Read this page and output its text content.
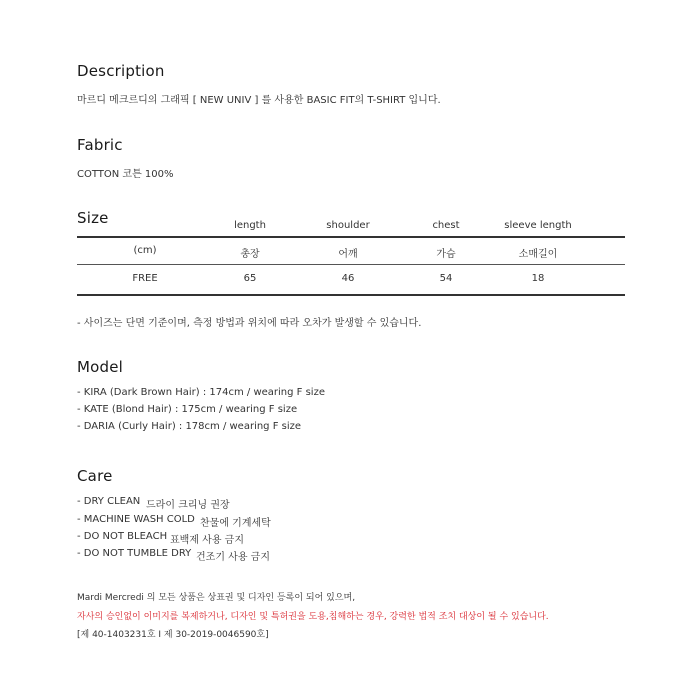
Description
마르디 메크르디의 그래픽 [ NEW UNIV ] 를 사용한 BASIC FIT의 T-SHIRT 입니다.
Fabric
COTTON 코튼 100%
Size	length	shoulder	chest	sleeve length
(cm)	총장	어깨	가슴	소매길이
FREE	65	46	54	18
- 사이즈는 단면 기준이며, 측정 방법과 위치에 따라 오차가 발생할 수 있습니다.
Model
- KIRA (Dark Brown Hair) : 174cm / wearing F size
- KATE (Blond Hair) : 175cm / wearing F size
- DARIA (Curly Hair) : 178cm / wearing F size
Care
- DRY CLEAN 드라이 크리닝 권장
- MACHINE WASH COLD 찬물에 기계세탁
- DO NOT BLEACH 표백제 사용 금지
- DO NOT TUMBLE DRY 건조기 사용 금지
Mardi Mercredi 의 모든 상품은 상표권 및 디자인 등록이 되어 있으며,
자사의 승인없이 이미지를 복제하거나, 디자인 및 특허권을 도용,침해하는 경우, 강력한 법적 조치 대상이 될 수 있습니다.
[제 40-1403231호 I 제 30-2019-0046590호]
